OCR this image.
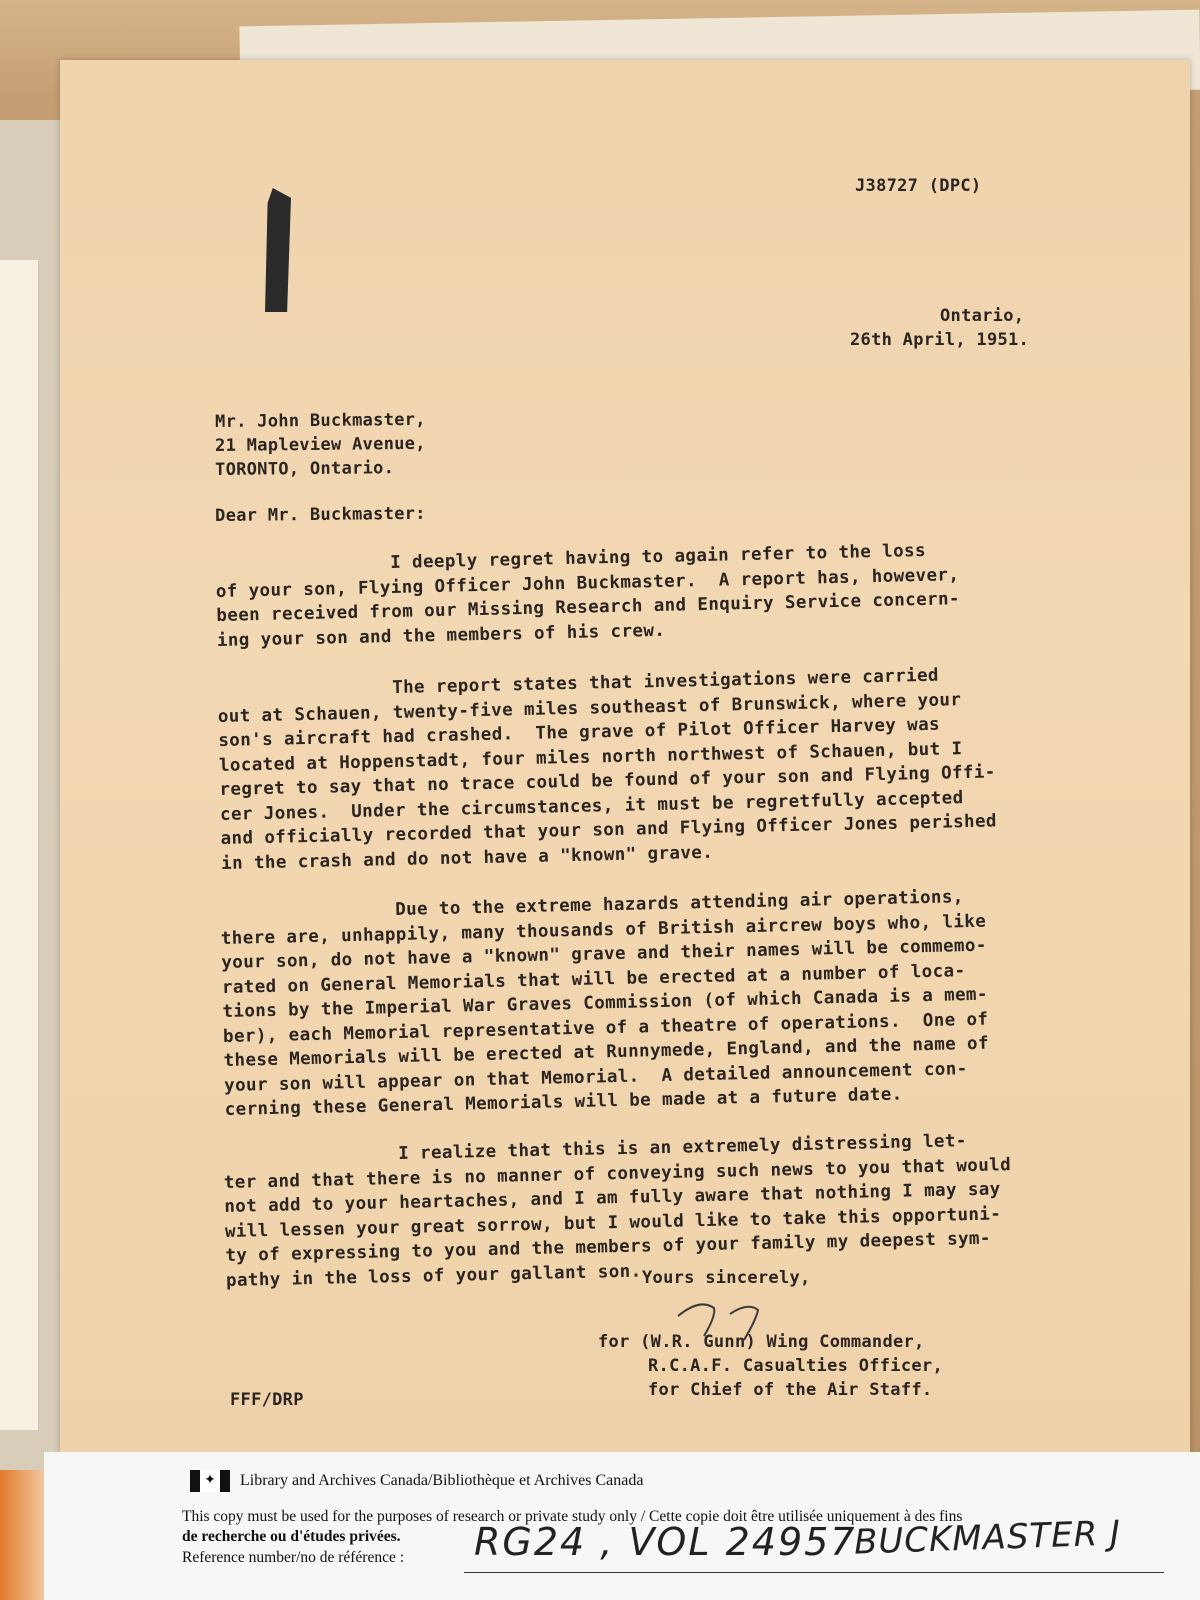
J38727 (DPC)
Ontario,
26th April, 1951.
Mr. John Buckmaster,
21 Mapleview Avenue,
TORONTO, Ontario.
Dear Mr. Buckmaster:
I deeply regret having to again refer to the loss
of your son, Flying Officer John Buckmaster.  A report has, however,
been received from our Missing Research and Enquiry Service concern-
ing your son and the members of his crew.
The report states that investigations were carried
out at Schauen, twenty-five miles southeast of Brunswick, where your
son's aircraft had crashed.  The grave of Pilot Officer Harvey was
located at Hoppenstadt, four miles north northwest of Schauen, but I
regret to say that no trace could be found of your son and Flying Offi-
cer Jones.  Under the circumstances, it must be regretfully accepted
and officially recorded that your son and Flying Officer Jones perished
in the crash and do not have a "known" grave.
Due to the extreme hazards attending air operations,
there are, unhappily, many thousands of British aircrew boys who, like
your son, do not have a "known" grave and their names will be commemo-
rated on General Memorials that will be erected at a number of loca-
tions by the Imperial War Graves Commission (of which Canada is a mem-
ber), each Memorial representative of a theatre of operations.  One of
these Memorials will be erected at Runnymede, England, and the name of
your son will appear on that Memorial.  A detailed announcement con-
cerning these General Memorials will be made at a future date.
I realize that this is an extremely distressing let-
ter and that there is no manner of conveying such news to you that would
not add to your heartaches, and I am fully aware that nothing I may say
will lessen your great sorrow, but I would like to take this opportuni-
ty of expressing to you and the members of your family my deepest sym-
pathy in the loss of your gallant son. Yours sincerely,
for (W.R. Gunn) Wing Commander,
R.C.A.F. Casualties Officer,
for Chief of the Air Staff.
FFF/DRP
✦ Library and Archives Canada/Bibliothèque et Archives Canada
This copy must be used for the purposes of research or private study only / Cette copie doit être utilisée uniquement à des fins
de recherche ou d'études privées.
Reference number/no de référence : RG24 , VOL 24957
BUCKMASTER J
